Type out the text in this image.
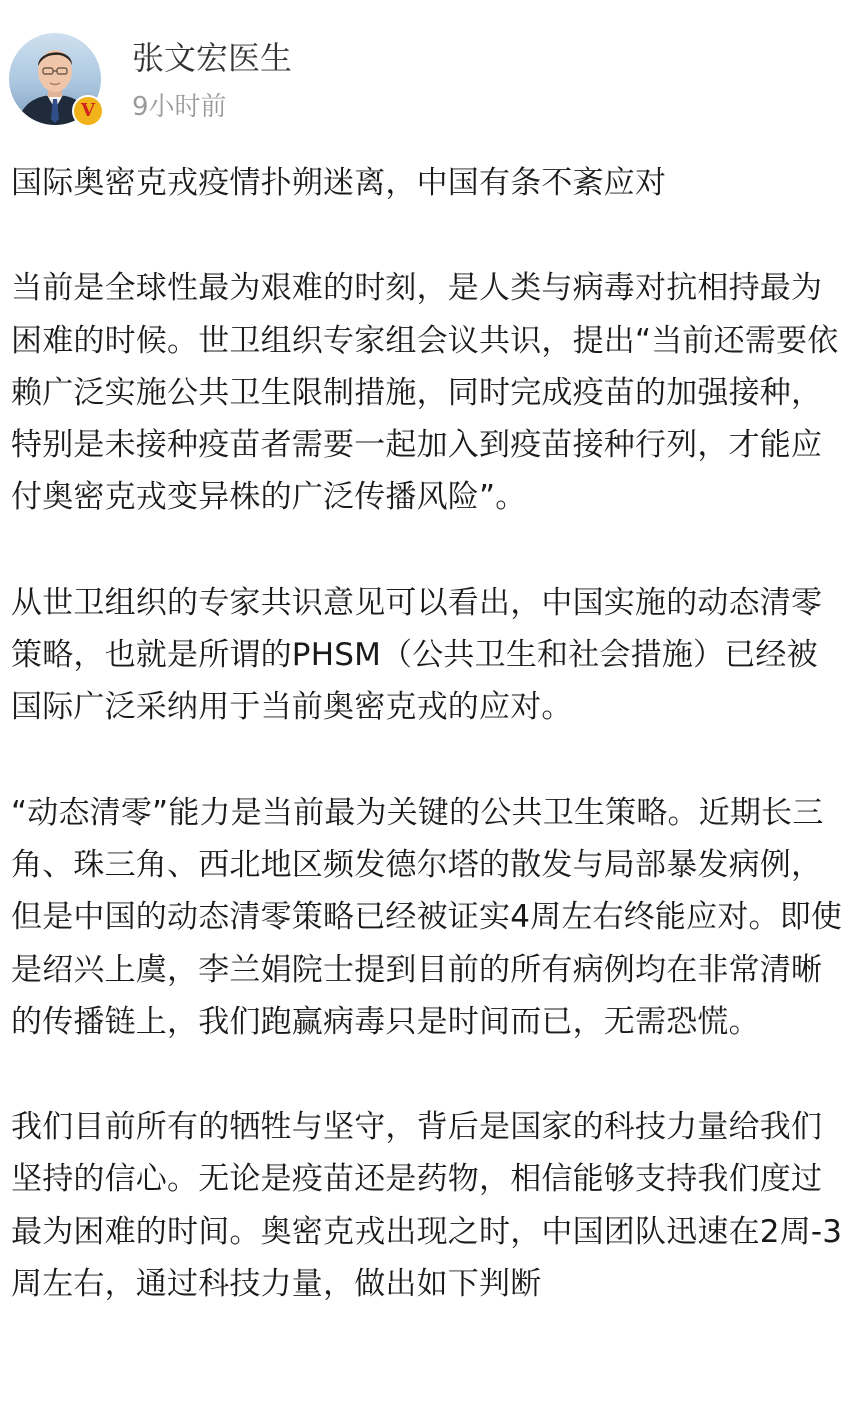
V
张文宏医生
9小时前

国际奥密克戎疫情扑朔迷离，中国有条不紊应对

当前是全球性最为艰难的时刻，是人类与病毒对抗相持最为困难的时候。世卫组织专家组会议共识，提出“当前还需要依赖广泛实施公共卫生限制措施，同时完成疫苗的加强接种，特别是未接种疫苗者需要一起加入到疫苗接种行列，才能应付奥密克戎变异株的广泛传播风险”。

从世卫组织的专家共识意见可以看出，中国实施的动态清零策略，也就是所谓的PHSM（公共卫生和社会措施）已经被国际广泛采纳用于当前奥密克戎的应对。

“动态清零”能力是当前最为关键的公共卫生策略。近期长三角、珠三角、西北地区频发德尔塔的散发与局部暴发病例，但是中国的动态清零策略已经被证实4周左右终能应对。即使是绍兴上虞，李兰娟院士提到目前的所有病例均在非常清晰的传播链上，我们跑赢病毒只是时间而已，无需恐慌。

我们目前所有的牺牲与坚守，背后是国家的科技力量给我们坚持的信心。无论是疫苗还是药物，相信能够支持我们度过最为困难的时间。奥密克戎出现之时，中国团队迅速在2周-3周左右，通过科技力量，做出如下判断
